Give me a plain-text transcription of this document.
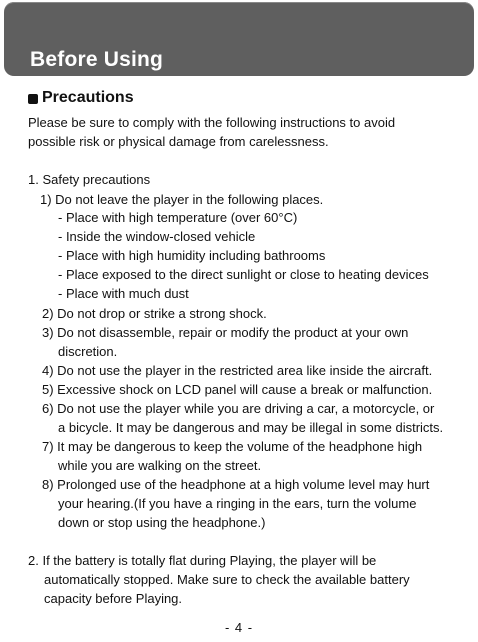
Before Using
Precautions
Please be sure to comply with the following instructions to avoid
possible risk or physical damage from carelessness.
1. Safety precautions
1) Do not leave the player in the following places.
- Place with high temperature (over 60°C)
- Inside the window-closed vehicle
- Place with high humidity including bathrooms
- Place exposed to the direct sunlight or close to heating devices
- Place with much dust
2) Do not drop or strike a strong shock.
3) Do not disassemble, repair or modify the product at your own
discretion.
4) Do not use the player in the restricted area like inside the aircraft.
5) Excessive shock on LCD panel will cause a break or malfunction.
6) Do not use the player while you are driving a car, a motorcycle, or
a bicycle. It may be dangerous and may be illegal in some districts.
7) It may be dangerous to keep the volume of the headphone high
while you are walking on the street.
8) Prolonged use of the headphone at a high volume level may hurt
your hearing.(If you have a ringing in the ears, turn the volume
down or stop using the headphone.)
2. If the battery is totally flat during Playing, the player will be
automatically stopped. Make sure to check the available battery
capacity before Playing.
- 4 -
